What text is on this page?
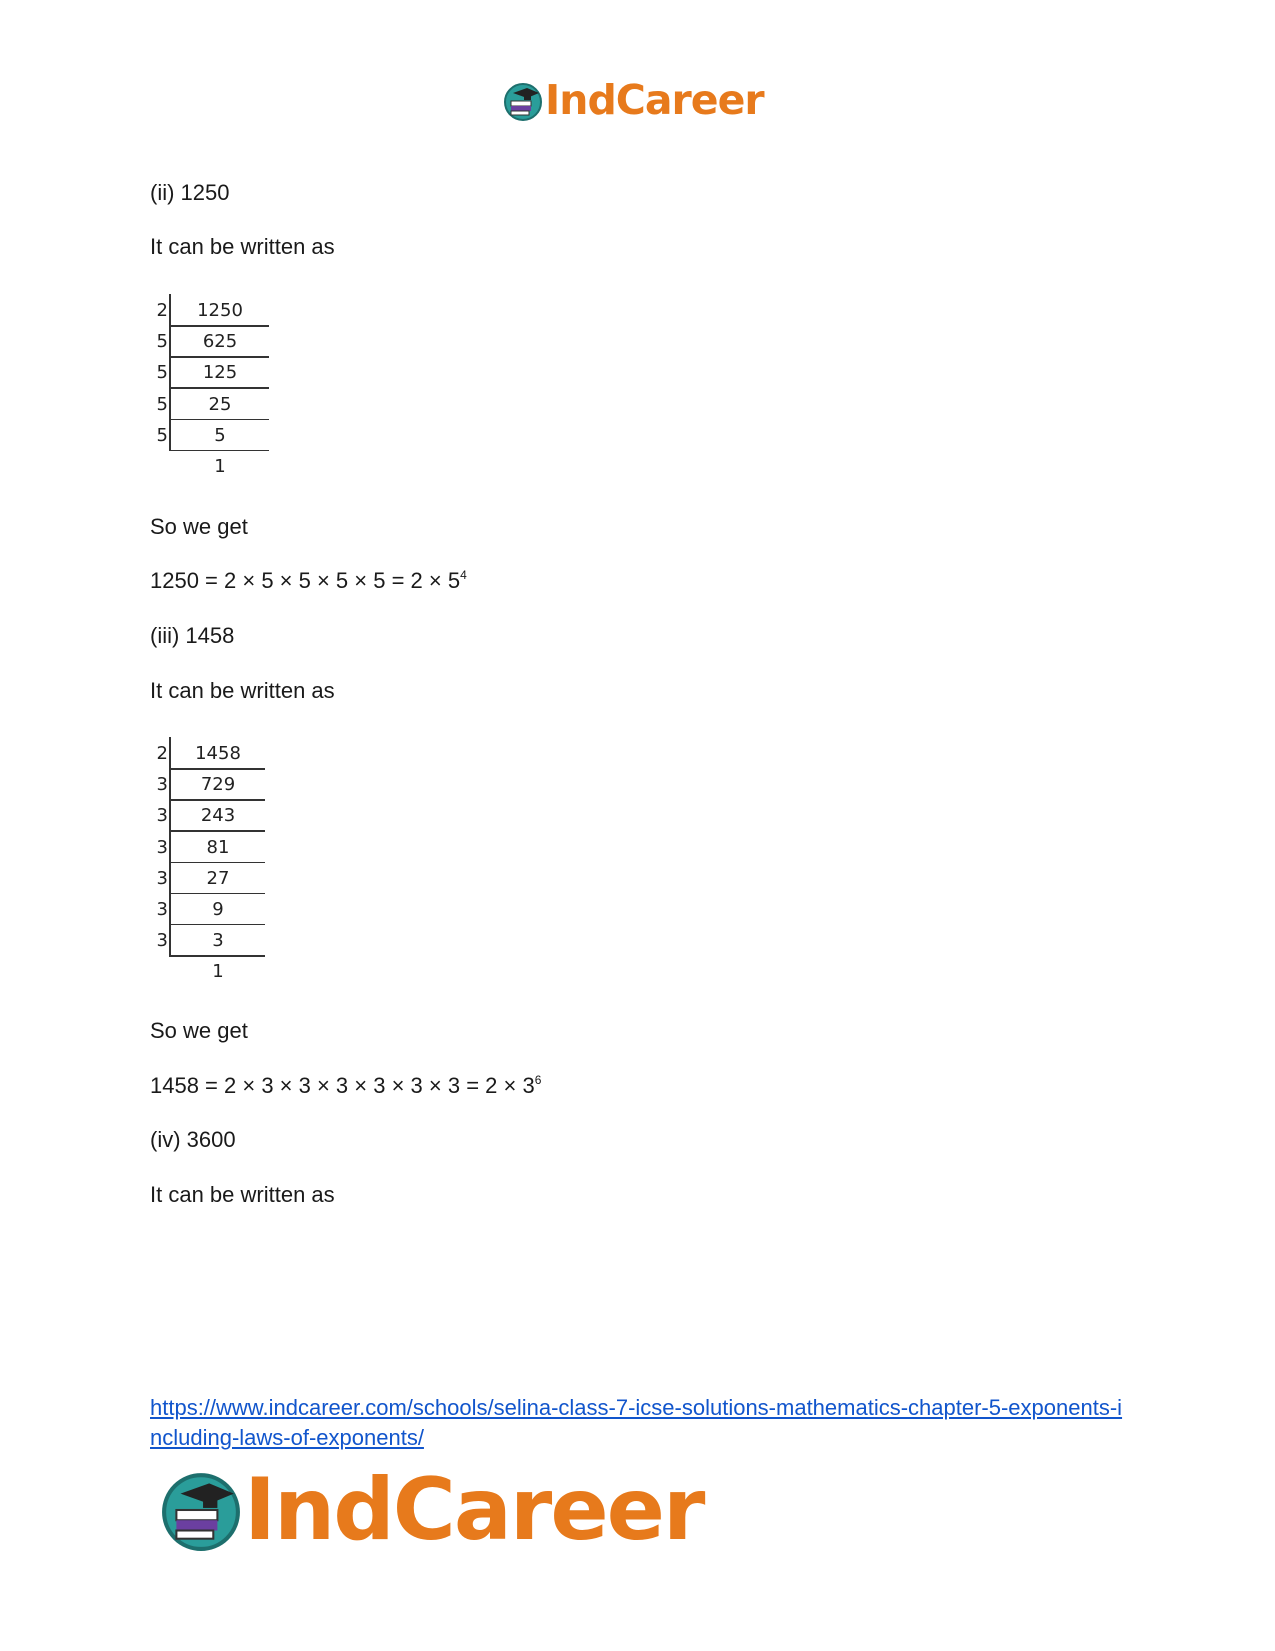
IndCareer
(ii) 1250
It can be written as
2	1250
5	625
5	125
5	25
5	5
1
So we get
$1250 = 2 \times 5 \times 5 \times 5 \times 5 = 2 \times 5^4$
(iii) 1458
It can be written as
2	1458
3	729
3	243
3	81
3	27
3	9
3	3
1
So we get
$1458 = 2 \times 3 \times 3 \times 3 \times 3 \times 3 \times 3 = 2 \times 3^6$
(iv) 3600
It can be written as
https://www.indcareer.com/schools/selina-class-7-icse-solutions-mathematics-chapter-5-exponents-including-laws-of-exponents/
IndCareer
